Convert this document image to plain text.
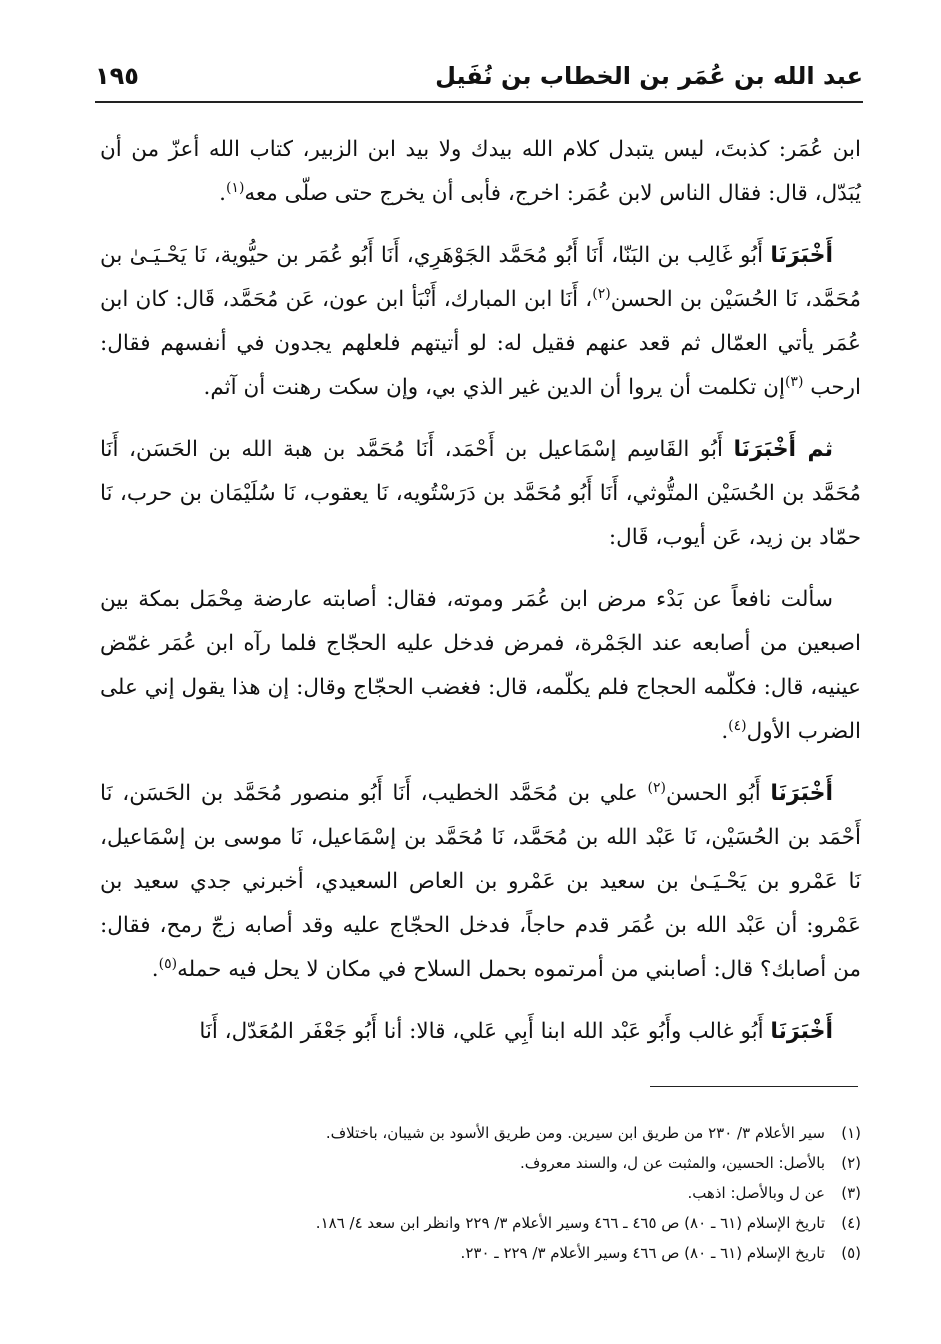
عبد الله بن عُمَر بن الخطاب بن نُفَيل
١٩٥

ابن عُمَر: كذبتَ، ليس يتبدل كلام الله بيدك ولا بيد ابن الزبير، كتاب الله أعزّ من أن يُبَدّل، قال: فقال الناس لابن عُمَر: اخرج، فأبى أن يخرج حتى صلّى معه$^{(١)}$.

أَخْبَرَنَا أَبُو غَالِب بن البَنّا، أَنَا أَبُو مُحَمَّد الجَوْهَرِي، أَنَا أَبُو عُمَر بن حيُّوية، نَا يَحْـيَـىٰ بن مُحَمَّد، نَا الحُسَيْن بن الحسن$^{(٢)}$، أَنَا ابن المبارك، أَنْبَأ ابن عون، عَن مُحَمَّد، قَال: كان ابن عُمَر يأتي العمّال ثم قعد عنهم فقيل له: لو أتيتهم فلعلهم يجدون في أنفسهم فقال: ارحب $^{(٣)}$إن تكلمت أن يروا أن الدين غير الذي بي، وإن سكت رهنت أن آثم.

ثم أَخْبَرَنَا أَبُو القَاسِم إسْمَاعيل بن أَحْمَد، أَنَا مُحَمَّد بن هبة الله بن الحَسَن، أَنَا مُحَمَّد بن الحُسَيْن المتُّوثي، أَنَا أَبُو مُحَمَّد بن دَرَسْتُويه، نَا يعقوب، نَا سُلَيْمَان بن حرب، نَا حمّاد بن زيد، عَن أيوب، قَال:

سألت نافعاً عن بَدْء مرض ابن عُمَر وموته، فقال: أصابته عارضة مِحْمَل بمكة بين اصبعين من أصابعه عند الجَمْرة، فمرض فدخل عليه الحجّاج فلما رآه ابن عُمَر غمّض عينيه، قال: فكلّمه الحجاج فلم يكلّمه، قال: فغضب الحجّاج وقال: إن هذا يقول إني على الضرب الأول$^{(٤)}$.

أَخْبَرَنَا أَبُو الحسن$^{(٢)}$ علي بن مُحَمَّد الخطيب، أَنَا أَبُو منصور مُحَمَّد بن الحَسَن، نَا أَحْمَد بن الحُسَيْن، نَا عَبْد الله بن مُحَمَّد، نَا مُحَمَّد بن إسْمَاعيل، نَا موسى بن إسْمَاعيل، نَا عَمْرو بن يَحْـيَـىٰ بن سعيد بن عَمْرو بن العاص السعيدي، أخبرني جدي سعيد بن عَمْرو: أن عَبْد الله بن عُمَر قدم حاجاً، فدخل الحجّاج عليه وقد أصابه زجّ رمح، فقال: من أصابك؟ قال: أصابني من أمرتموه بحمل السلاح في مكان لا يحل فيه حمله$^{(٥)}$.

أَخْبَرَنَا أَبُو غالب وأَبُو عَبْد الله ابنا أَبِي عَلي، قالا: أنا أَبُو جَعْفَر المُعَدّل، أَنَا

(١)
سير الأعلام ٣/ ٢٣٠ من طريق ابن سيرين. ومن طريق الأسود بن شيبان، باختلاف.
(٢)
بالأصل: الحسين، والمثبت عن ل، والسند معروف.
(٣)
عن ل وبالأصل: اذهب.
(٤)
تاريخ الإسلام (٦١ ـ ٨٠) ص ٤٦٥ ـ ٤٦٦ وسير الأعلام ٣/ ٢٢٩ وانظر ابن سعد ٤/ ١٨٦.
(٥)
تاريخ الإسلام (٦١ ـ ٨٠) ص ٤٦٦ وسير الأعلام ٣/ ٢٢٩ ـ ٢٣٠.
